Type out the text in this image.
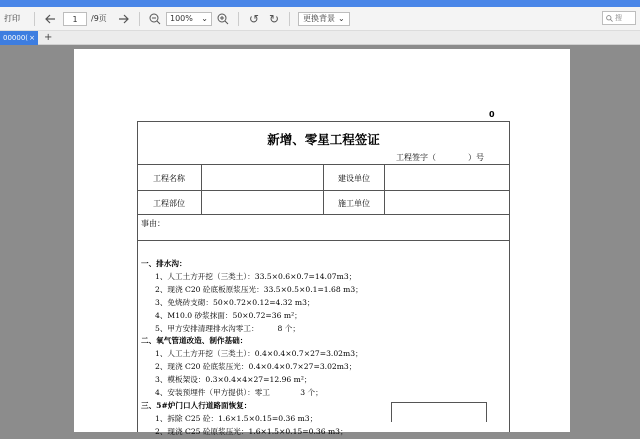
打印	1	/9页	100% ⌄	↺ ↻	更换背景 ⌄	搜
00000( × +
0
新增、零星工程签证
工程签字（　　　　）号
工程名称	建设单位
工程部位	施工单位
事由：
一、排水沟：
1、人工土方开挖（三类土）：33.5×0.6×0.7=14.07m3；
2、现浇 C20 砼底板原浆压光：33.5×0.5×0.1=1.68 m3；
3、免烧砖支砌：50×0.72×0.12=4.32 m3；
4、M10.0 砂浆抹面：50×0.72=36 m²；
5、甲方安排清理排水沟零工：　　　8 个；
二、氧气管道改造、制作基础：
1、人工土方开挖（三类土）：0.4×0.4×0.7×27=3.02m3；
2、现浇 C20 砼底浆压光：0.4×0.4×0.7×27=3.02m3；
3、模板架设：0.3×0.4×4×27=12.96 m²；
4、安装预埋件（甲方提供）：零工　　　　3 个；
三、5#炉门口人行道路面恢复：
1、拆除 C25 砼：1.6×1.5×0.15=0.36 m3；
2、现浇 C25 砼原浆压光：1.6×1.5×0.15=0.36 m3；
